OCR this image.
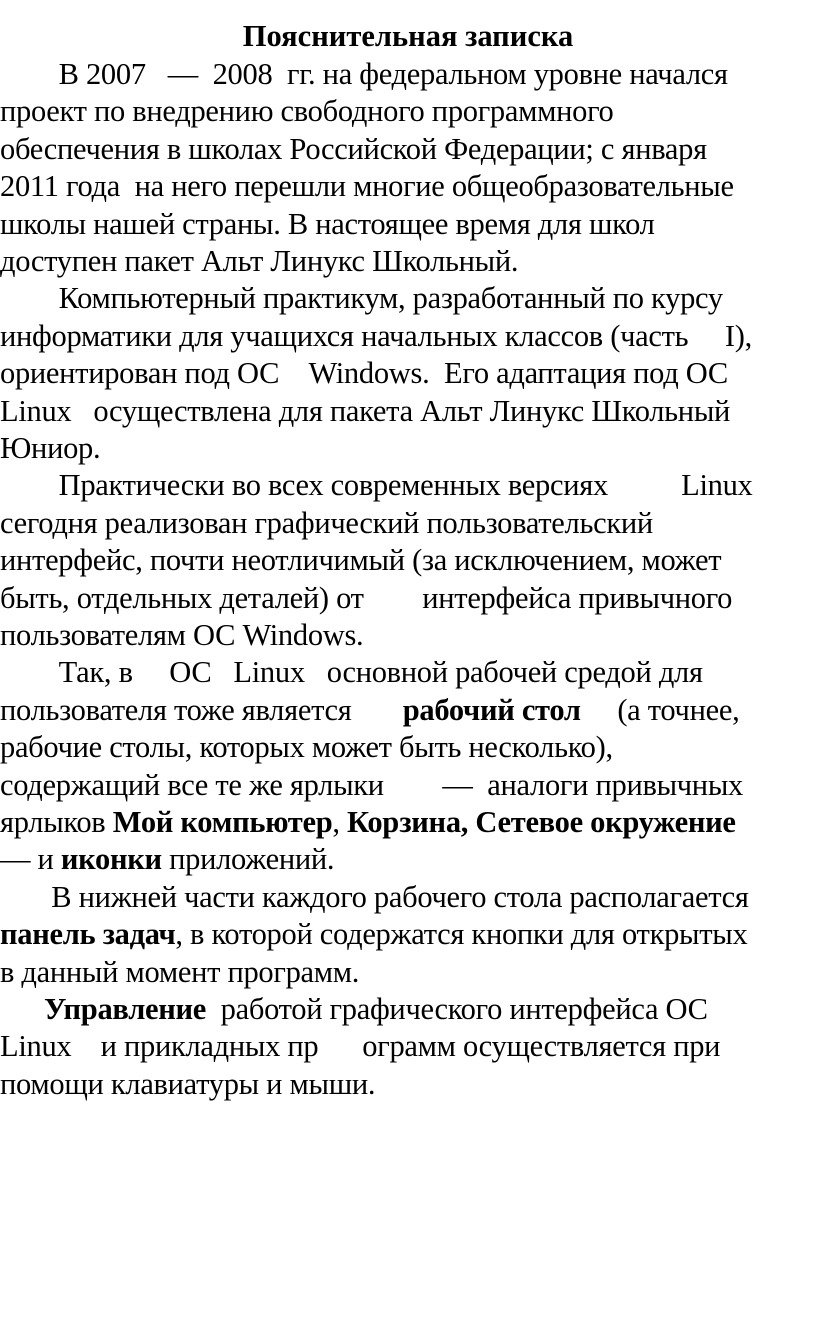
Пояснительная записка
В 2007   —  2008  гг. на федеральном уровне начался
проект по внедрению свободного программного
обеспечения в школах Российской Федерации; с января
2011 года  на него перешли многие общеобразовательные
школы нашей страны. В настоящее время для школ
доступен пакет Альт Линукс Школьный.
Компьютерный практикум, разработанный по курсу
информатики для учащихся начальных классов (часть     I),
ориентирован под ОС    Windows.  Его адаптация под ОС
Linux   осуществлена для пакета Альт Линукс Школьный
Юниор.
Практически во всех современных версиях          Linux
сегодня реализован графический пользовательский
интерфейс, почти неотличимый (за исключением, может
быть, отдельных деталей) от        интерфейса привычного
пользователям ОС Windows.
Так, в     ОС   Linux   основной рабочей средой для
пользователя тоже является       рабочий стол     (а точнее,
рабочие столы, которых может быть несколько),
содержащий все те же ярлыки        —  аналоги привычных
ярлыков Мой компьютер, Корзина, Сетевое окружение
— и иконки приложений.
В нижней части каждого рабочего стола располагается
панель задач, в которой содержатся кнопки для открытых
в данный момент программ.
Управление  работой графического интерфейса ОС
Linux    и прикладных пр      ограмм осуществляется при
помощи клавиатуры и мыши.
